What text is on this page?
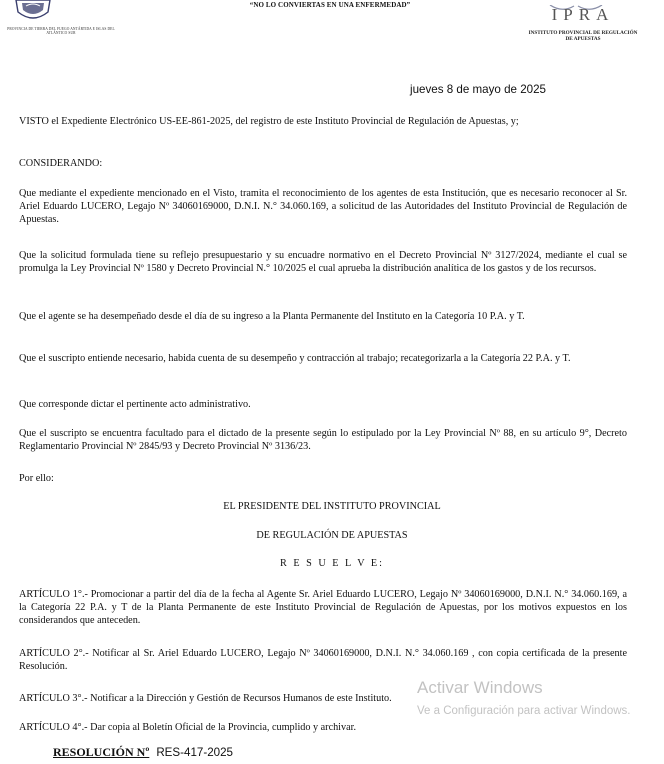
PROVINCIA DE TIERRA DEL FUEGO ANTÁRTIDA E ISLAS DEL ATLÁNTICO SUR
“NO LO CONVIERTAS EN UNA ENFERMEDAD”	IPRA
INSTITUTO PROVINCIAL DE REGULACIÓN DE APUESTAS
jueves 8 de mayo de 2025
VISTO el Expediente Electrónico US-EE-861-2025, del registro de este Instituto Provincial de Regulación de Apuestas, y;
CONSIDERANDO:
Que mediante el expediente mencionado en el Visto, tramita el reconocimiento de los agentes de esta Institución, que es necesario reconocer al Sr. Ariel Eduardo LUCERO, Legajo Nº 34060169000, D.N.I. N.° 34.060.169, a solicitud de las Autoridades del Instituto Provincial de Regulación de Apuestas.
Que la solicitud formulada tiene su reflejo presupuestario y su encuadre normativo en el Decreto Provincial Nº 3127/2024, mediante el cual se promulga la Ley Provincial Nº 1580 y Decreto Provincial N.° 10/2025 el cual aprueba la distribución analítica de los gastos y de los recursos.
Que el agente se ha desempeñado desde el día de su ingreso a la Planta Permanente del Instituto en la Categoría 10 P.A. y T.
Que el suscripto entiende necesario, habida cuenta de su desempeño y contracción al trabajo; recategorizarla a la Categoría 22 P.A. y T.
Que corresponde dictar el pertinente acto administrativo.
Que el suscripto se encuentra facultado para el dictado de la presente según lo estipulado por la Ley Provincial Nº 88, en su artículo 9°, Decreto Reglamentario Provincial Nº 2845/93 y Decreto Provincial Nº 3136/23.
Por ello:
EL PRESIDENTE DEL INSTITUTO PROVINCIAL
DE REGULACIÓN DE APUESTAS
R E S U E L V E:
ARTÍCULO 1°.- Promocionar a partir del día de la fecha al Agente Sr. Ariel Eduardo LUCERO, Legajo Nº 34060169000, D.N.I. N.° 34.060.169, a la Categoría 22 P.A. y T de la Planta Permanente de este Instituto Provincial de Regulación de Apuestas, por los motivos expuestos en los considerandos que anteceden.
ARTÍCULO 2°.- Notificar al Sr. Ariel Eduardo LUCERO, Legajo Nº 34060169000, D.N.I. N.° 34.060.169 , con copia certificada de la presente Resolución.
ARTÍCULO 3°.- Notificar a la Dirección y Gestión de Recursos Humanos de este Instituto.
ARTÍCULO 4°.- Dar copia al Boletín Oficial de la Provincia, cumplido y archivar.
RESOLUCIÓN Nº RES-417-2025
Activar Windows
Ve a Configuración para activar Windows.
